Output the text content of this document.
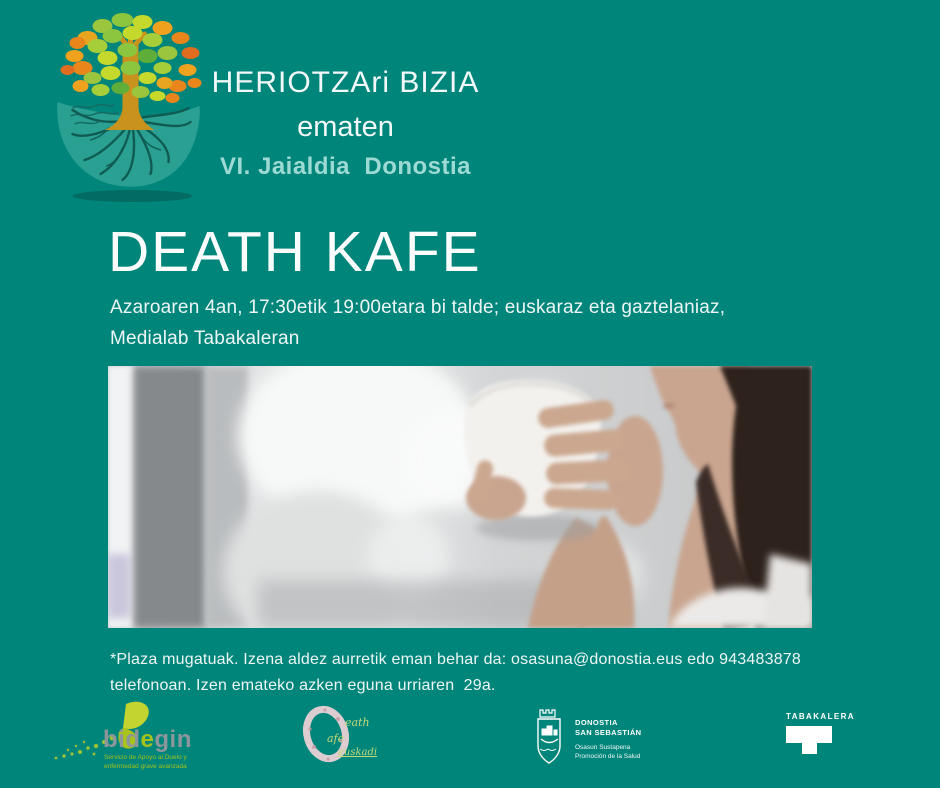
HERIOTZAri BIZIA
ematen
VI. Jaialdia  Donostia
DEATH KAFE
Azaroaren 4an, 17:30etik 19:00etara bi talde; euskaraz eta gaztelaniaz,
Medialab Tabakaleran
*Plaza mugatuak. Izena aldez aurretik eman behar da: osasuna@donostia.eus edo 943483878
telefonoan. Izen emateko azken eguna urriaren  29a.
bidegin
Servicio de Apoyo al Duelo y
enfermedad grave avanzada
eath
afe
euskadi
DONOSTIA
SAN SEBASTIÁN
Osasun Sustapena
Promoción de la Salud
TABAKALERA
